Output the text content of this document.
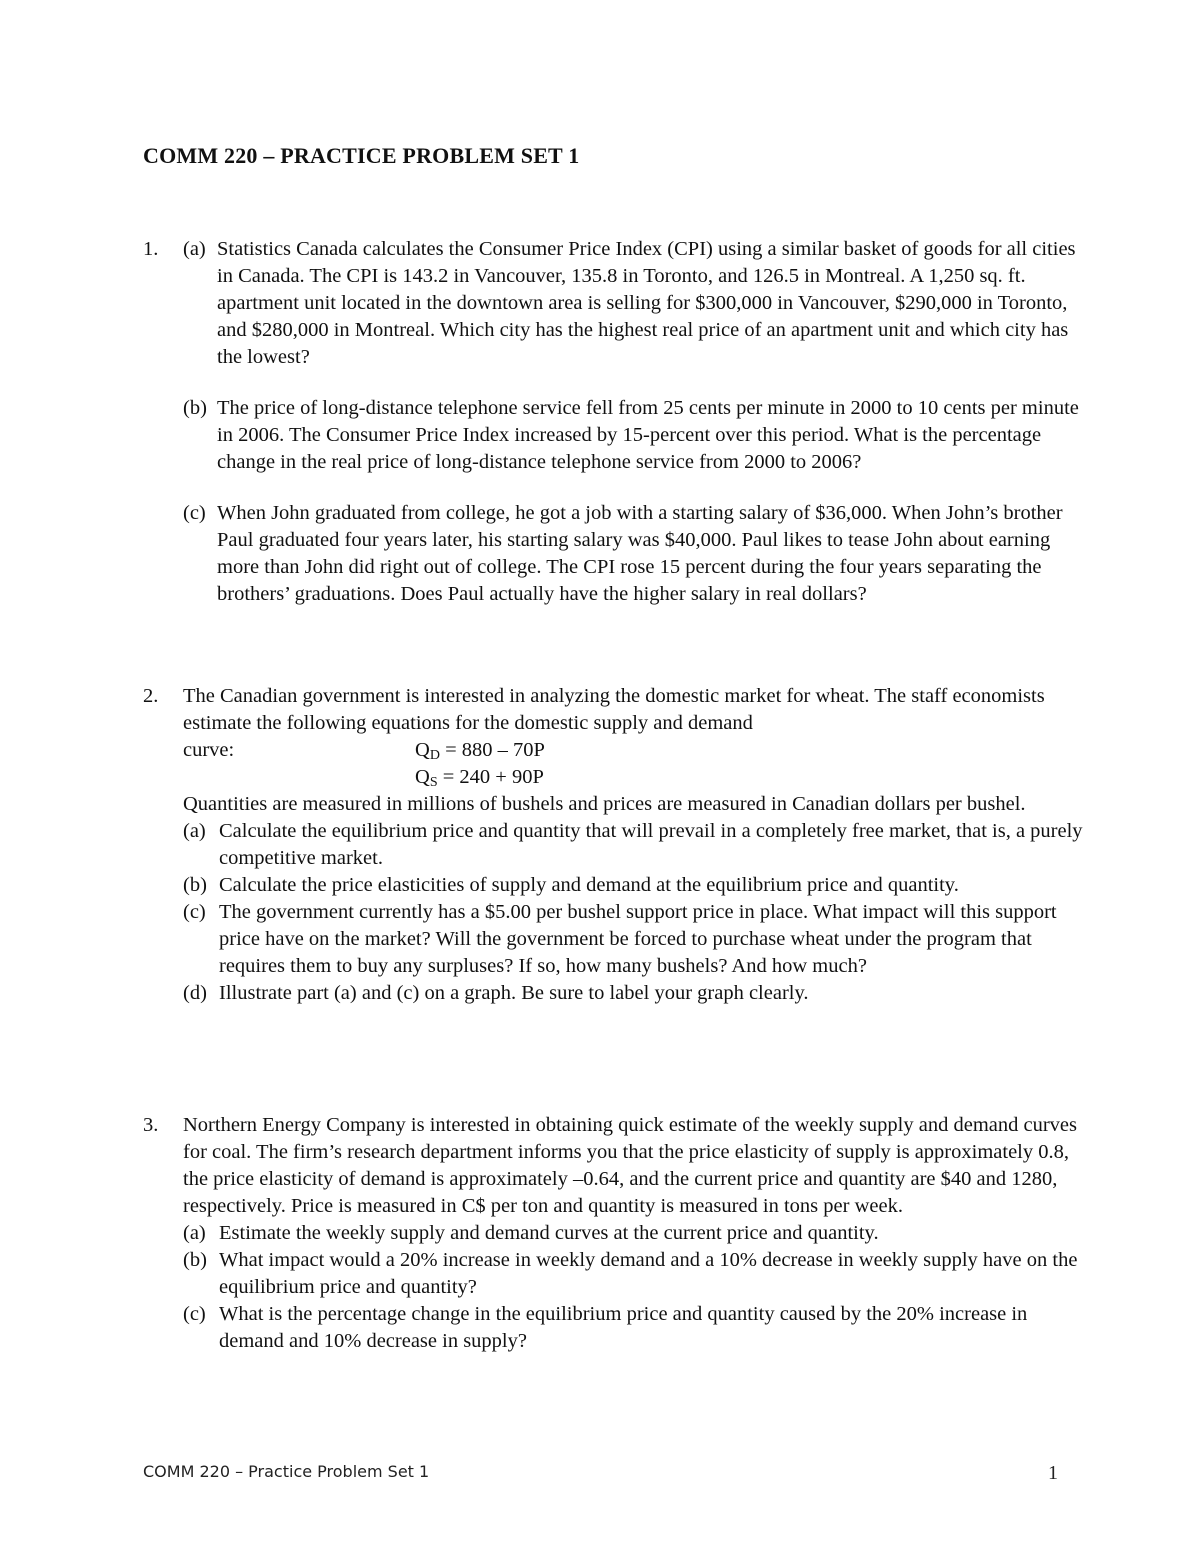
COMM 220 – PRACTICE PROBLEM SET 1
1. (a) Statistics Canada calculates the Consumer Price Index (CPI) using a similar basket of goods for all cities in Canada. The CPI is 143.2 in Vancouver, 135.8 in Toronto, and 126.5 in Montreal. A 1,250 sq. ft. apartment unit located in the downtown area is selling for $300,000 in Vancouver, $290,000 in Toronto, and $280,000 in Montreal. Which city has the highest real price of an apartment unit and which city has the lowest?
(b) The price of long-distance telephone service fell from 25 cents per minute in 2000 to 10 cents per minute in 2006. The Consumer Price Index increased by 15-percent over this period. What is the percentage change in the real price of long-distance telephone service from 2000 to 2006?
(c) When John graduated from college, he got a job with a starting salary of $36,000. When John’s brother Paul graduated four years later, his starting salary was $40,000. Paul likes to tease John about earning more than John did right out of college. The CPI rose 15 percent during the four years separating the brothers’ graduations. Does Paul actually have the higher salary in real dollars?
2. The Canadian government is interested in analyzing the domestic market for wheat. The staff economists estimate the following equations for the domestic supply and demand
curve:	$Q_D = 880 - 70P$
$Q_S = 240 + 90P$
Quantities are measured in millions of bushels and prices are measured in Canadian dollars per bushel.
(a) Calculate the equilibrium price and quantity that will prevail in a completely free market, that is, a purely competitive market.
(b) Calculate the price elasticities of supply and demand at the equilibrium price and quantity.
(c) The government currently has a $5.00 per bushel support price in place. What impact will this support price have on the market? Will the government be forced to purchase wheat under the program that requires them to buy any surpluses? If so, how many bushels? And how much?
(d) Illustrate part (a) and (c) on a graph. Be sure to label your graph clearly.
3. Northern Energy Company is interested in obtaining quick estimate of the weekly supply and demand curves for coal. The firm’s research department informs you that the price elasticity of supply is approximately 0.8, the price elasticity of demand is approximately –0.64, and the current price and quantity are $40 and 1280, respectively. Price is measured in C$ per ton and quantity is measured in tons per week.
(a) Estimate the weekly supply and demand curves at the current price and quantity.
(b) What impact would a 20% increase in weekly demand and a 10% decrease in weekly supply have on the equilibrium price and quantity?
(c) What is the percentage change in the equilibrium price and quantity caused by the 20% increase in demand and 10% decrease in supply?
COMM 220 – Practice Problem Set 1	1
